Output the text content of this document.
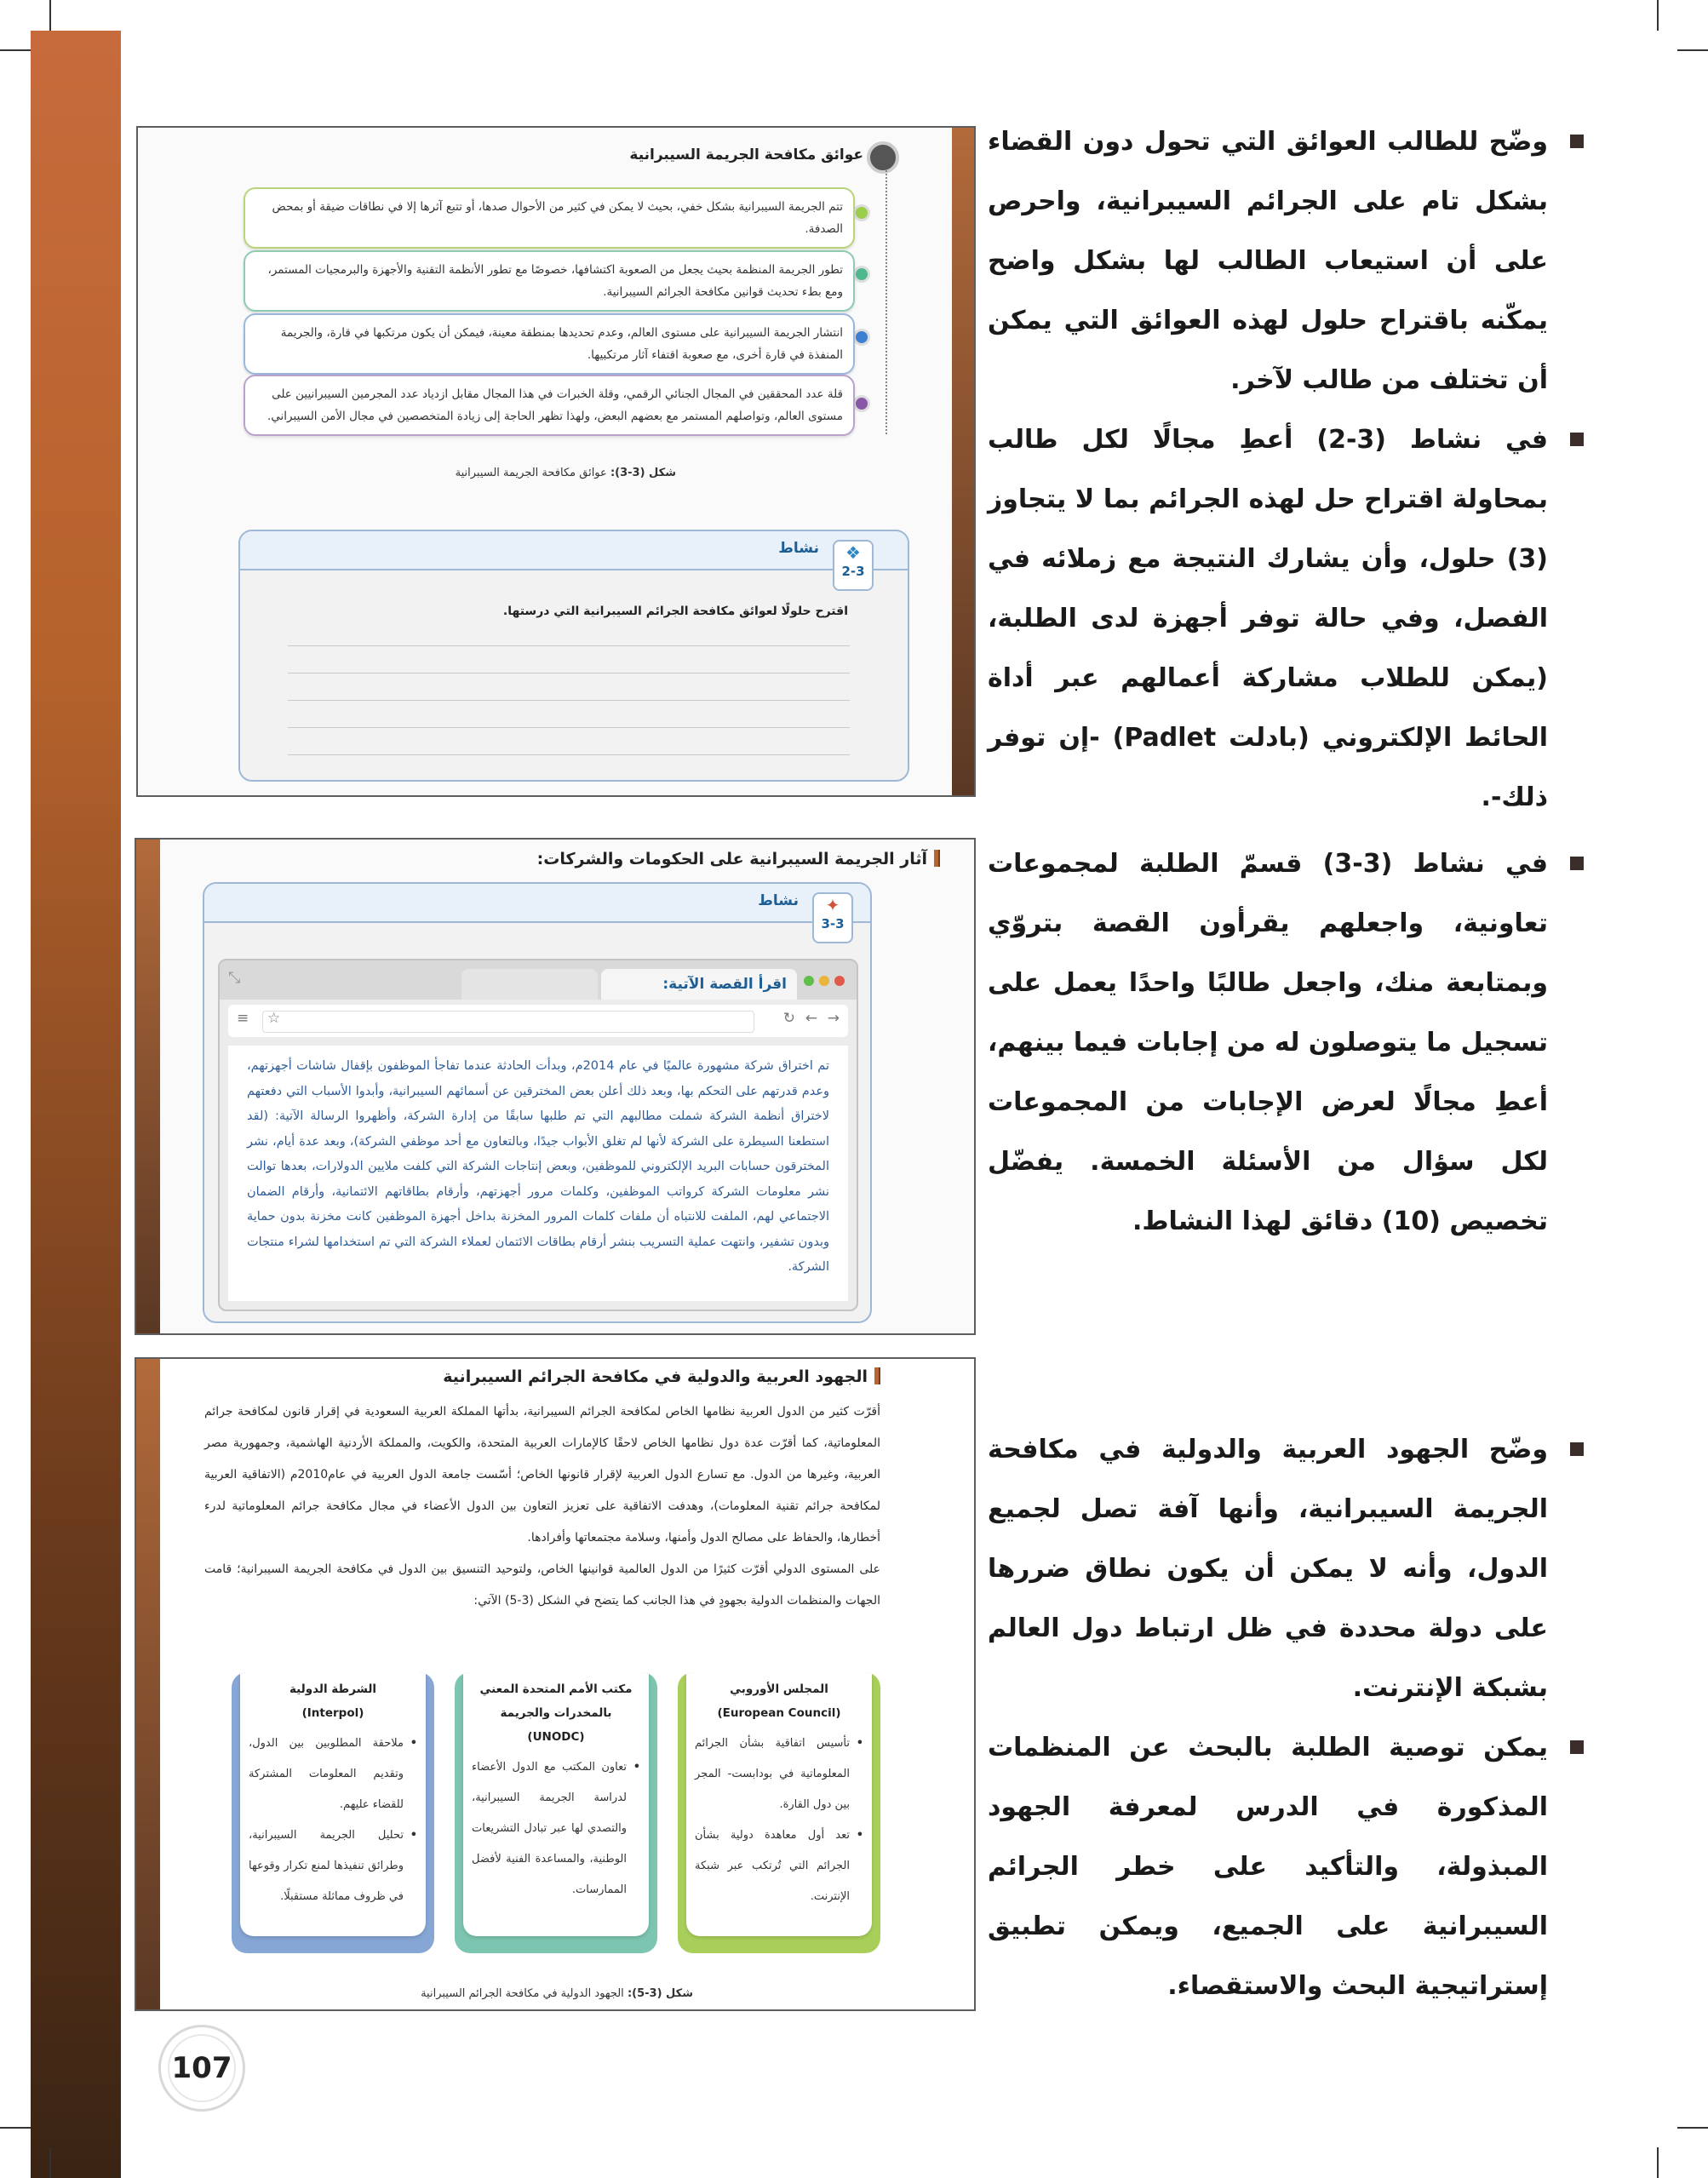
107

وضّح للطالب العوائق التي تحول دون القضاء بشكل تام على الجرائم السيبرانية، واحرص على أن استيعاب الطالب لها بشكل واضح يمكّنه باقتراح حلول لهذه العوائق التي يمكن أن تختلف من طالب لآخر.

في نشاط (3-2) أعطِ مجالًا لكل طالب بمحاولة اقتراح حل لهذه الجرائم بما لا يتجاوز (3) حلول، وأن يشارك النتيجة مع زملائه في الفصل، وفي حالة توفر أجهزة لدى الطلبة، (يمكن للطلاب مشاركة أعمالهم عبر أداة الحائط الإلكتروني (بادلت Padlet) -إن توفر ذلك-.

في نشاط (3-3) قسمّ الطلبة لمجموعات تعاونية، واجعلهم يقرأون القصة بتروّي وبمتابعة منك، واجعل طالبًا واحدًا يعمل على تسجيل ما يتوصلون له من إجابات فيما بينهم، أعطِ مجالًا لعرض الإجابات من المجموعات لكل سؤال من الأسئلة الخمسة. يفضّل تخصيص (10) دقائق لهذا النشاط.

وضّح الجهود العربية والدولية في مكافحة الجريمة السيبرانية، وأنها آفة تصل لجميع الدول، وأنه لا يمكن أن يكون نطاق ضررها على دولة محددة في ظل ارتباط دول العالم بشبكة الإنترنت.

يمكن توصية الطلبة بالبحث عن المنظمات المذكورة في الدرس لمعرفة الجهود المبذولة، والتأكيد على خطر الجرائم السيبرانية على الجميع، ويمكن تطبيق إستراتيجية البحث والاستقصاء.

عوائق مكافحة الجريمة السيبرانية
تتم الجريمة السيبرانية بشكل خفي، بحيث لا يمكن في كثير من الأحوال صدها، أو تتبع آثرها إلا في نطاقات ضيقة أو بمحض الصدفة.
تطور الجريمة المنظمة بحيث يجعل من الصعوبة اكتشافها، خصوصًا مع تطور الأنظمة التقنية والأجهزة والبرمجيات المستمر، ومع بطء تحديث قوانين مكافحة الجرائم السيبرانية.
انتشار الجريمة السيبرانية على مستوى العالم، وعدم تحديدها بمنطقة معينة، فيمكن أن يكون مرتكبها في قارة، والجريمة المنفذة في قارة أخرى، مع صعوبة اقتفاء آثار مرتكبيها.
قلة عدد المحققين في المجال الجنائي الرقمي، وقلة الخبرات في هذا المجال مقابل ازدياد عدد المجرمين السيبرانيين على مستوى العالم، وتواصلهم المستمر مع بعضهم البعض، ولهذا تظهر الحاجة إلى زيادة المتخصصين في مجال الأمن السيبراني.
شكل (3-3): عوائق مكافحة الجريمة السيبرانية
نشاط	❖
2-3
اقترح حلولًا لعوائق مكافحة الجرائم السيبرانية التي درستها.
آثار الجريمة السيبرانية على الحكومات والشركات:
نشاط	✦
3-3
اقرأ القصة الآتية:
⤡
→
←
↻
☆
≡
تم اختراق شركة مشهورة عالميًا في عام 2014م، وبدأت الحادثة عندما تفاجأ الموظفون بإقفال شاشات أجهزتهم، وعدم قدرتهم على التحكم بها، وبعد ذلك أعلن بعض المخترقين عن أسمائهم السيبرانية، وأبدوا الأسباب التي دفعتهم لاختراق أنظمة الشركة شملت مطالبهم التي تم طلبها سابقًا من إدارة الشركة، وأظهروا الرسالة الآتية: (لقد استطعنا السيطرة على الشركة لأنها لم تغلق الأبواب جيدًا، وبالتعاون مع أحد موظفي الشركة)، وبعد عدة أيام، نشر المخترقون حسابات البريد الإلكتروني للموظفين، وبعض إنتاجات الشركة التي كلفت ملايين الدولارات، بعدها توالت نشر معلومات الشركة كرواتب الموظفين، وكلمات مرور أجهزتهم، وأرقام بطاقاتهم الائتمانية، وأرقام الضمان الاجتماعي لهم، الملفت للانتباه أن ملفات كلمات المرور المخزنة بداخل أجهزة الموظفين كانت مخزنة بدون حماية وبدون تشفير، وانتهت عملية التسريب بنشر أرقام بطاقات الائتمان لعملاء الشركة التي تم استخدامها لشراء منتجات الشركة.
الجهود العربية والدولية في مكافحة الجرائم السيبرانية

أقرّت كثير من الدول العربية نظامها الخاص لمكافحة الجرائم السيبرانية، بدأتها المملكة العربية السعودية في إقرار قانون لمكافحة جرائم المعلوماتية، كما أقرّت عدة دول نظامها الخاص لاحقًا كالإمارات العربية المتحدة، والكويت، والمملكة الأردنية الهاشمية، وجمهورية مصر العربية، وغيرها من الدول. مع تسارع الدول العربية لإقرار قانونها الخاص؛ أسّست جامعة الدول العربية في عام2010م (الاتفاقية العربية لمكافحة جرائم تقنية المعلومات)، وهدفت الاتفاقية على تعزيز التعاون بين الدول الأعضاء في مجال مكافحة جرائم المعلوماتية لدرء أخطارها، والحفاظ على مصالح الدول وأمنها، وسلامة مجتمعاتها وأفرادها.

على المستوى الدولي أقرّت كثيرًا من الدول العالمية قوانينها الخاص، ولتوحيد التنسيق بين الدول في مكافحة الجريمة السيبرانية؛ قامت الجهات والمنظمات الدولية بجهودٍ في هذا الجانب كما يتضح في الشكل (3-5) الآتي:

المجلس الأوروبي
(European Council)
• تأسيس اتفاقية بشأن الجرائم المعلوماتية في بودابست- المجر بين دول القارة.
• تعد أول معاهدة دولية بشأن الجرائم التي تُرتكب عبر شبكة الإنترنت.
مكتب الأمم المتحدة المعني بالمخدرات والجريمة
(UNODC)
• تعاون المكتب مع الدول الأعضاء لدراسة الجريمة السيبرانية، والتصدي لها عبر تبادل التشريعات الوطنية، والمساعدة الفنية لأفضل الممارسات.
الشرطة الدولية
(Interpol)
• ملاحقة المطلوبين بين الدول، وتقديم المعلومات المشتركة للقضاء عليهم.
• تحليل الجريمة السيبرانية، وطرائق تنفيذها لمنع تكرار وقوعها في ظروف مماثلة مستقبلًا.
شكل (3-5): الجهود الدولية في مكافحة الجرائم السيبرانية
